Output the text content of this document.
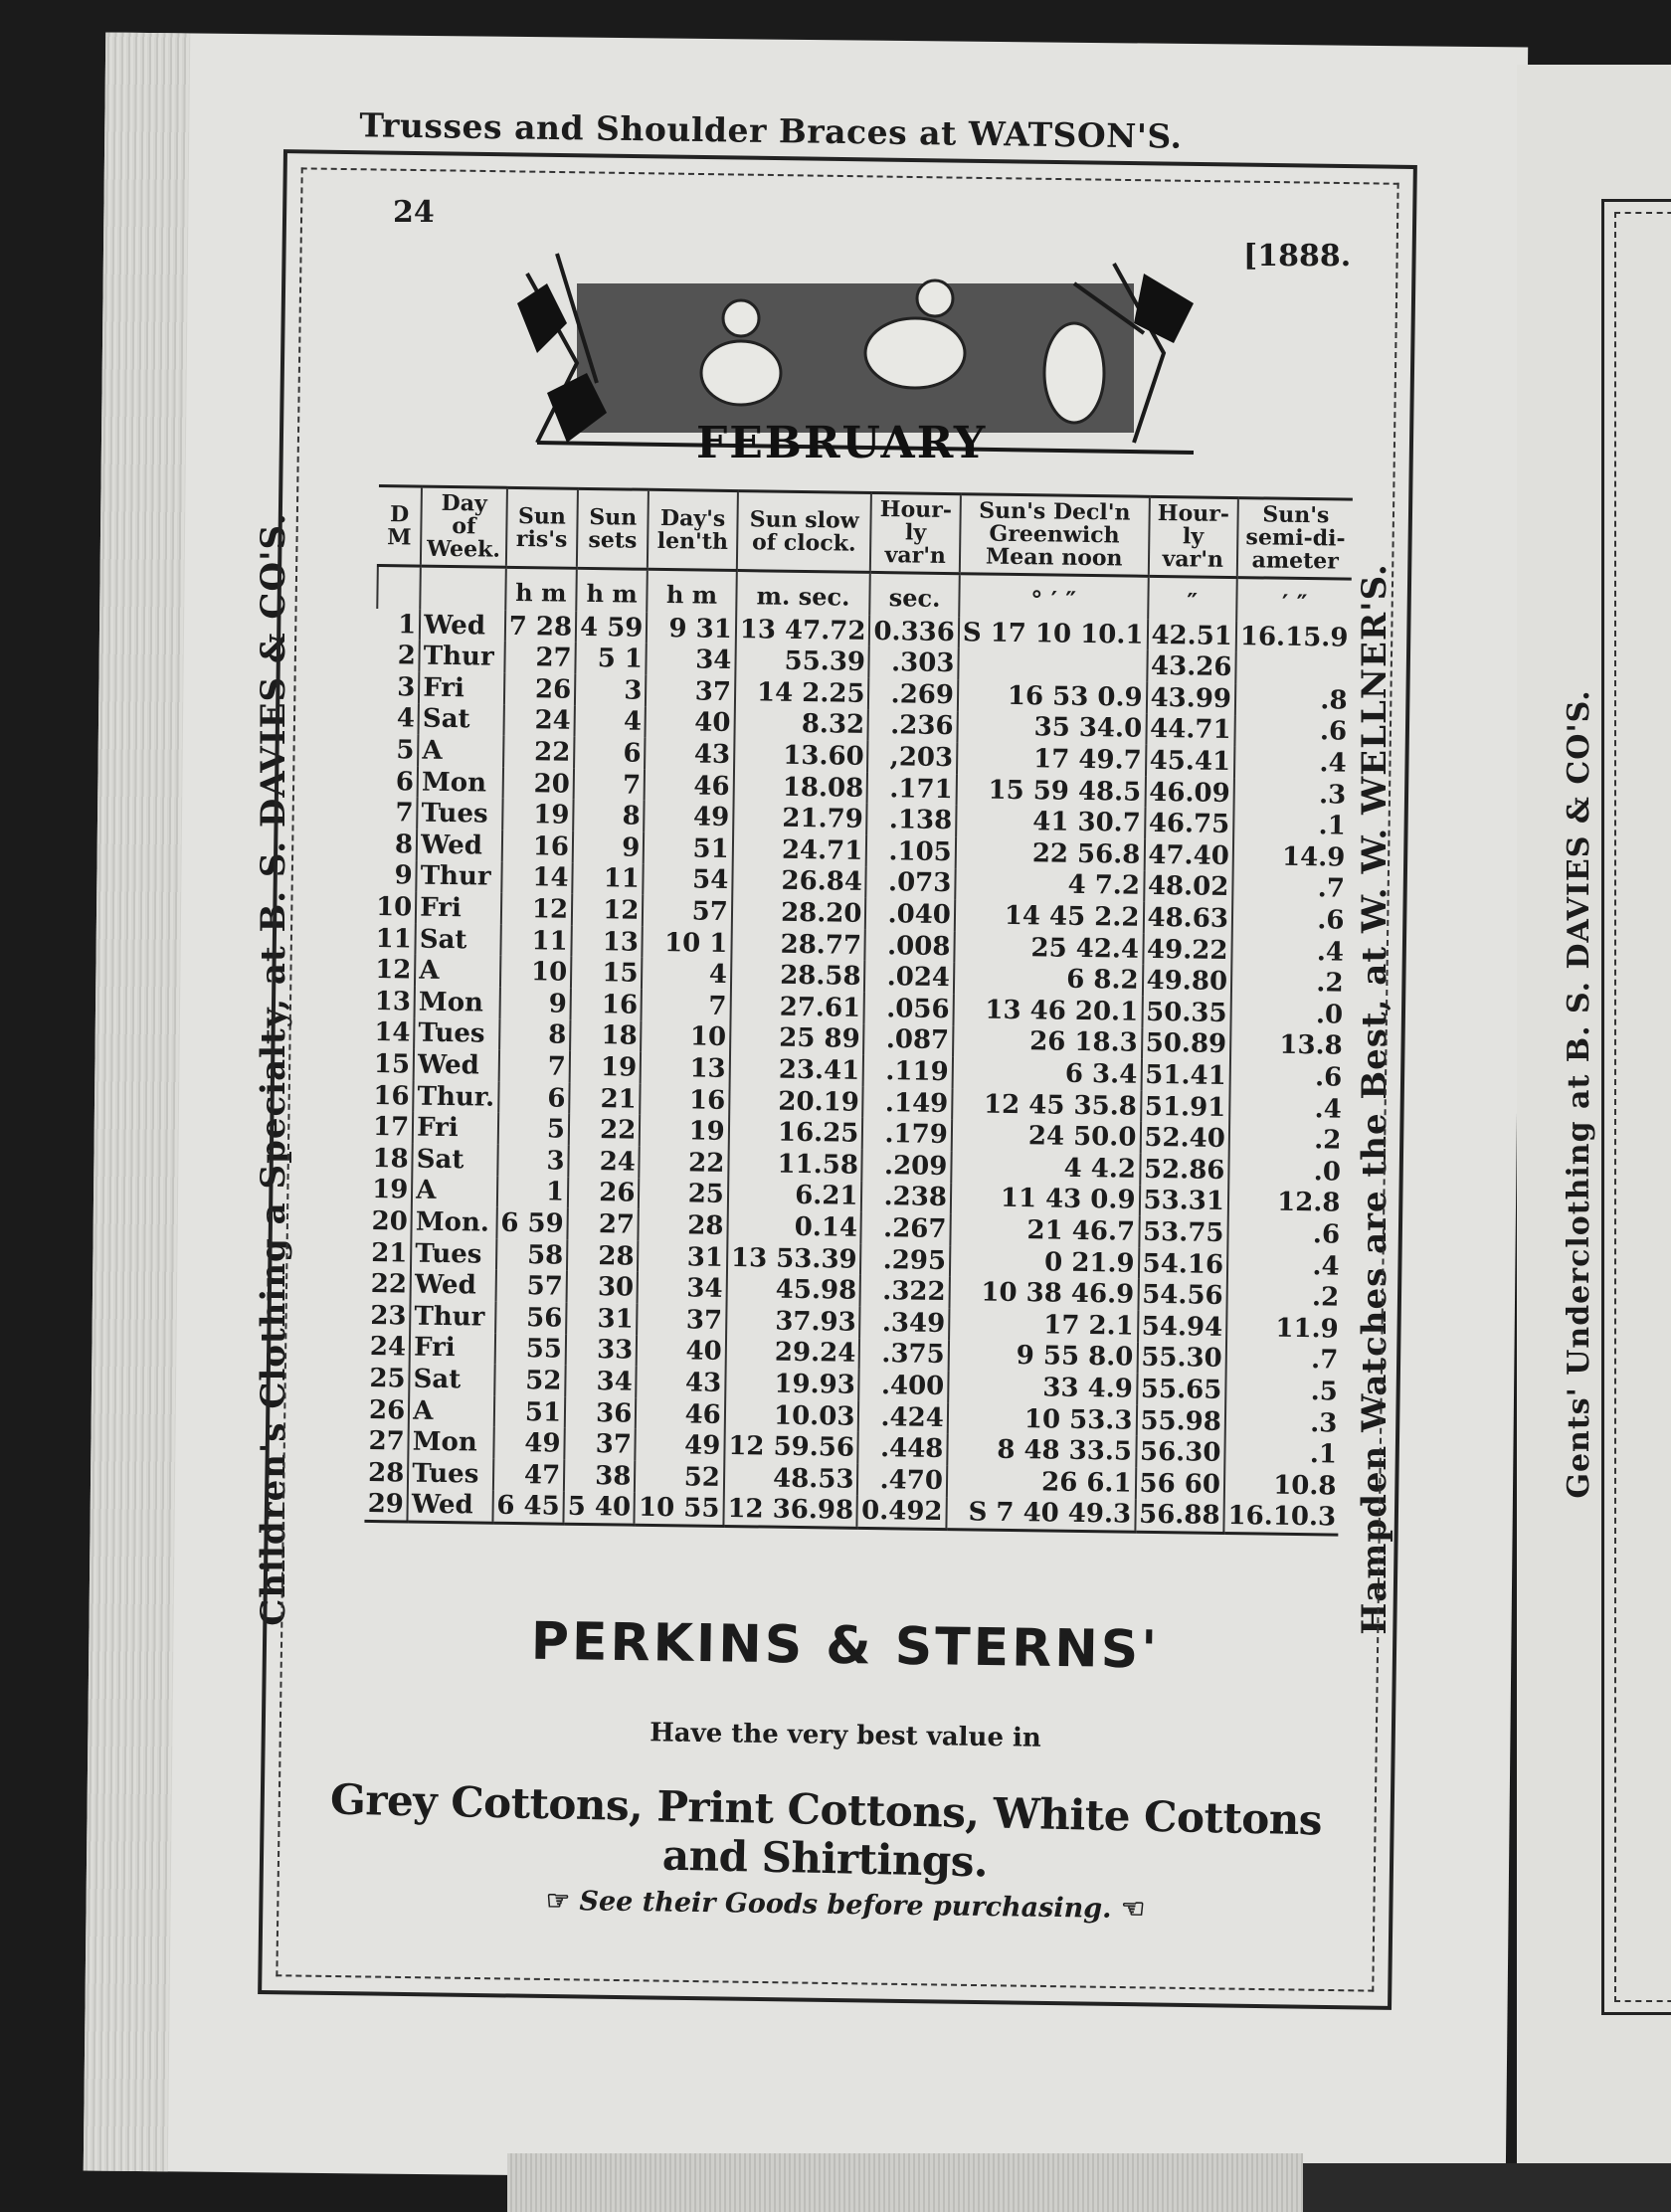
Trusses and Shoulder Braces at WATSON'S.
Children's Clothing a Specialty, at B. S. DAVIES & CO'S.	Hampden Watches are the Best, at W. W. WELLNER'S.	Gents' Underclothing at B. S. DAVIES & CO'S.
24
[1888.
FEBRUARY
D M	Day of Week.	Sun ris's	Sun sets	Day's len'th	Sun slow of clock.	Hour- ly var'n	Sun's Decl'n Greenwich Mean noon	Hour- ly var'n	Sun's semi-di- ameter
		h m	h m	h m	m. sec.	sec.	° ′ ″	″	′ ″
1	Wed	7 28	4 59	9 31	13 47.72	0.336	S 17 10 10.1	42.51	16.15.9
2	Thur	27	5 1	34	55.39	.303		43.26	
3	Fri	26	3	37	14 2.25	.269	16 53 0.9	43.99	.8
4	Sat	24	4	40	8.32	.236	35 34.0	44.71	.6
5	A	22	6	43	13.60	,203	17 49.7	45.41	.4
6	Mon	20	7	46	18.08	.171	15 59 48.5	46.09	.3
7	Tues	19	8	49	21.79	.138	41 30.7	46.75	.1
8	Wed	16	9	51	24.71	.105	22 56.8	47.40	14.9
9	Thur	14	11	54	26.84	.073	4 7.2	48.02	.7
10	Fri	12	12	57	28.20	.040	14 45 2.2	48.63	.6
11	Sat	11	13	10 1	28.77	.008	25 42.4	49.22	.4
12	A	10	15	4	28.58	.024	6 8.2	49.80	.2
13	Mon	9	16	7	27.61	.056	13 46 20.1	50.35	.0
14	Tues	8	18	10	25 89	.087	26 18.3	50.89	13.8
15	Wed	7	19	13	23.41	.119	6 3.4	51.41	.6
16	Thur.	6	21	16	20.19	.149	12 45 35.8	51.91	.4
17	Fri	5	22	19	16.25	.179	24 50.0	52.40	.2
18	Sat	3	24	22	11.58	.209	4 4.2	52.86	.0
19	A	1	26	25	6.21	.238	11 43 0.9	53.31	12.8
20	Mon.	6 59	27	28	0.14	.267	21 46.7	53.75	.6
21	Tues	58	28	31	13 53.39	.295	0 21.9	54.16	.4
22	Wed	57	30	34	45.98	.322	10 38 46.9	54.56	.2
23	Thur	56	31	37	37.93	.349	17 2.1	54.94	11.9
24	Fri	55	33	40	29.24	.375	9 55 8.0	55.30	.7
25	Sat	52	34	43	19.93	.400	33 4.9	55.65	.5
26	A	51	36	46	10.03	.424	10 53.3	55.98	.3
27	Mon	49	37	49	12 59.56	.448	8 48 33.5	56.30	.1
28	Tues	47	38	52	48.53	.470	26 6.1	56 60	10.8
29	Wed	6 45	5 40	10 55	12 36.98	0.492	S 7 40 49.3	56.88	16.10.3
PERKINS & STERNS'
Have the very best value in
Grey Cottons, Print Cottons, White Cottons and Shirtings.
☞ See their Goods before purchasing. ☜
